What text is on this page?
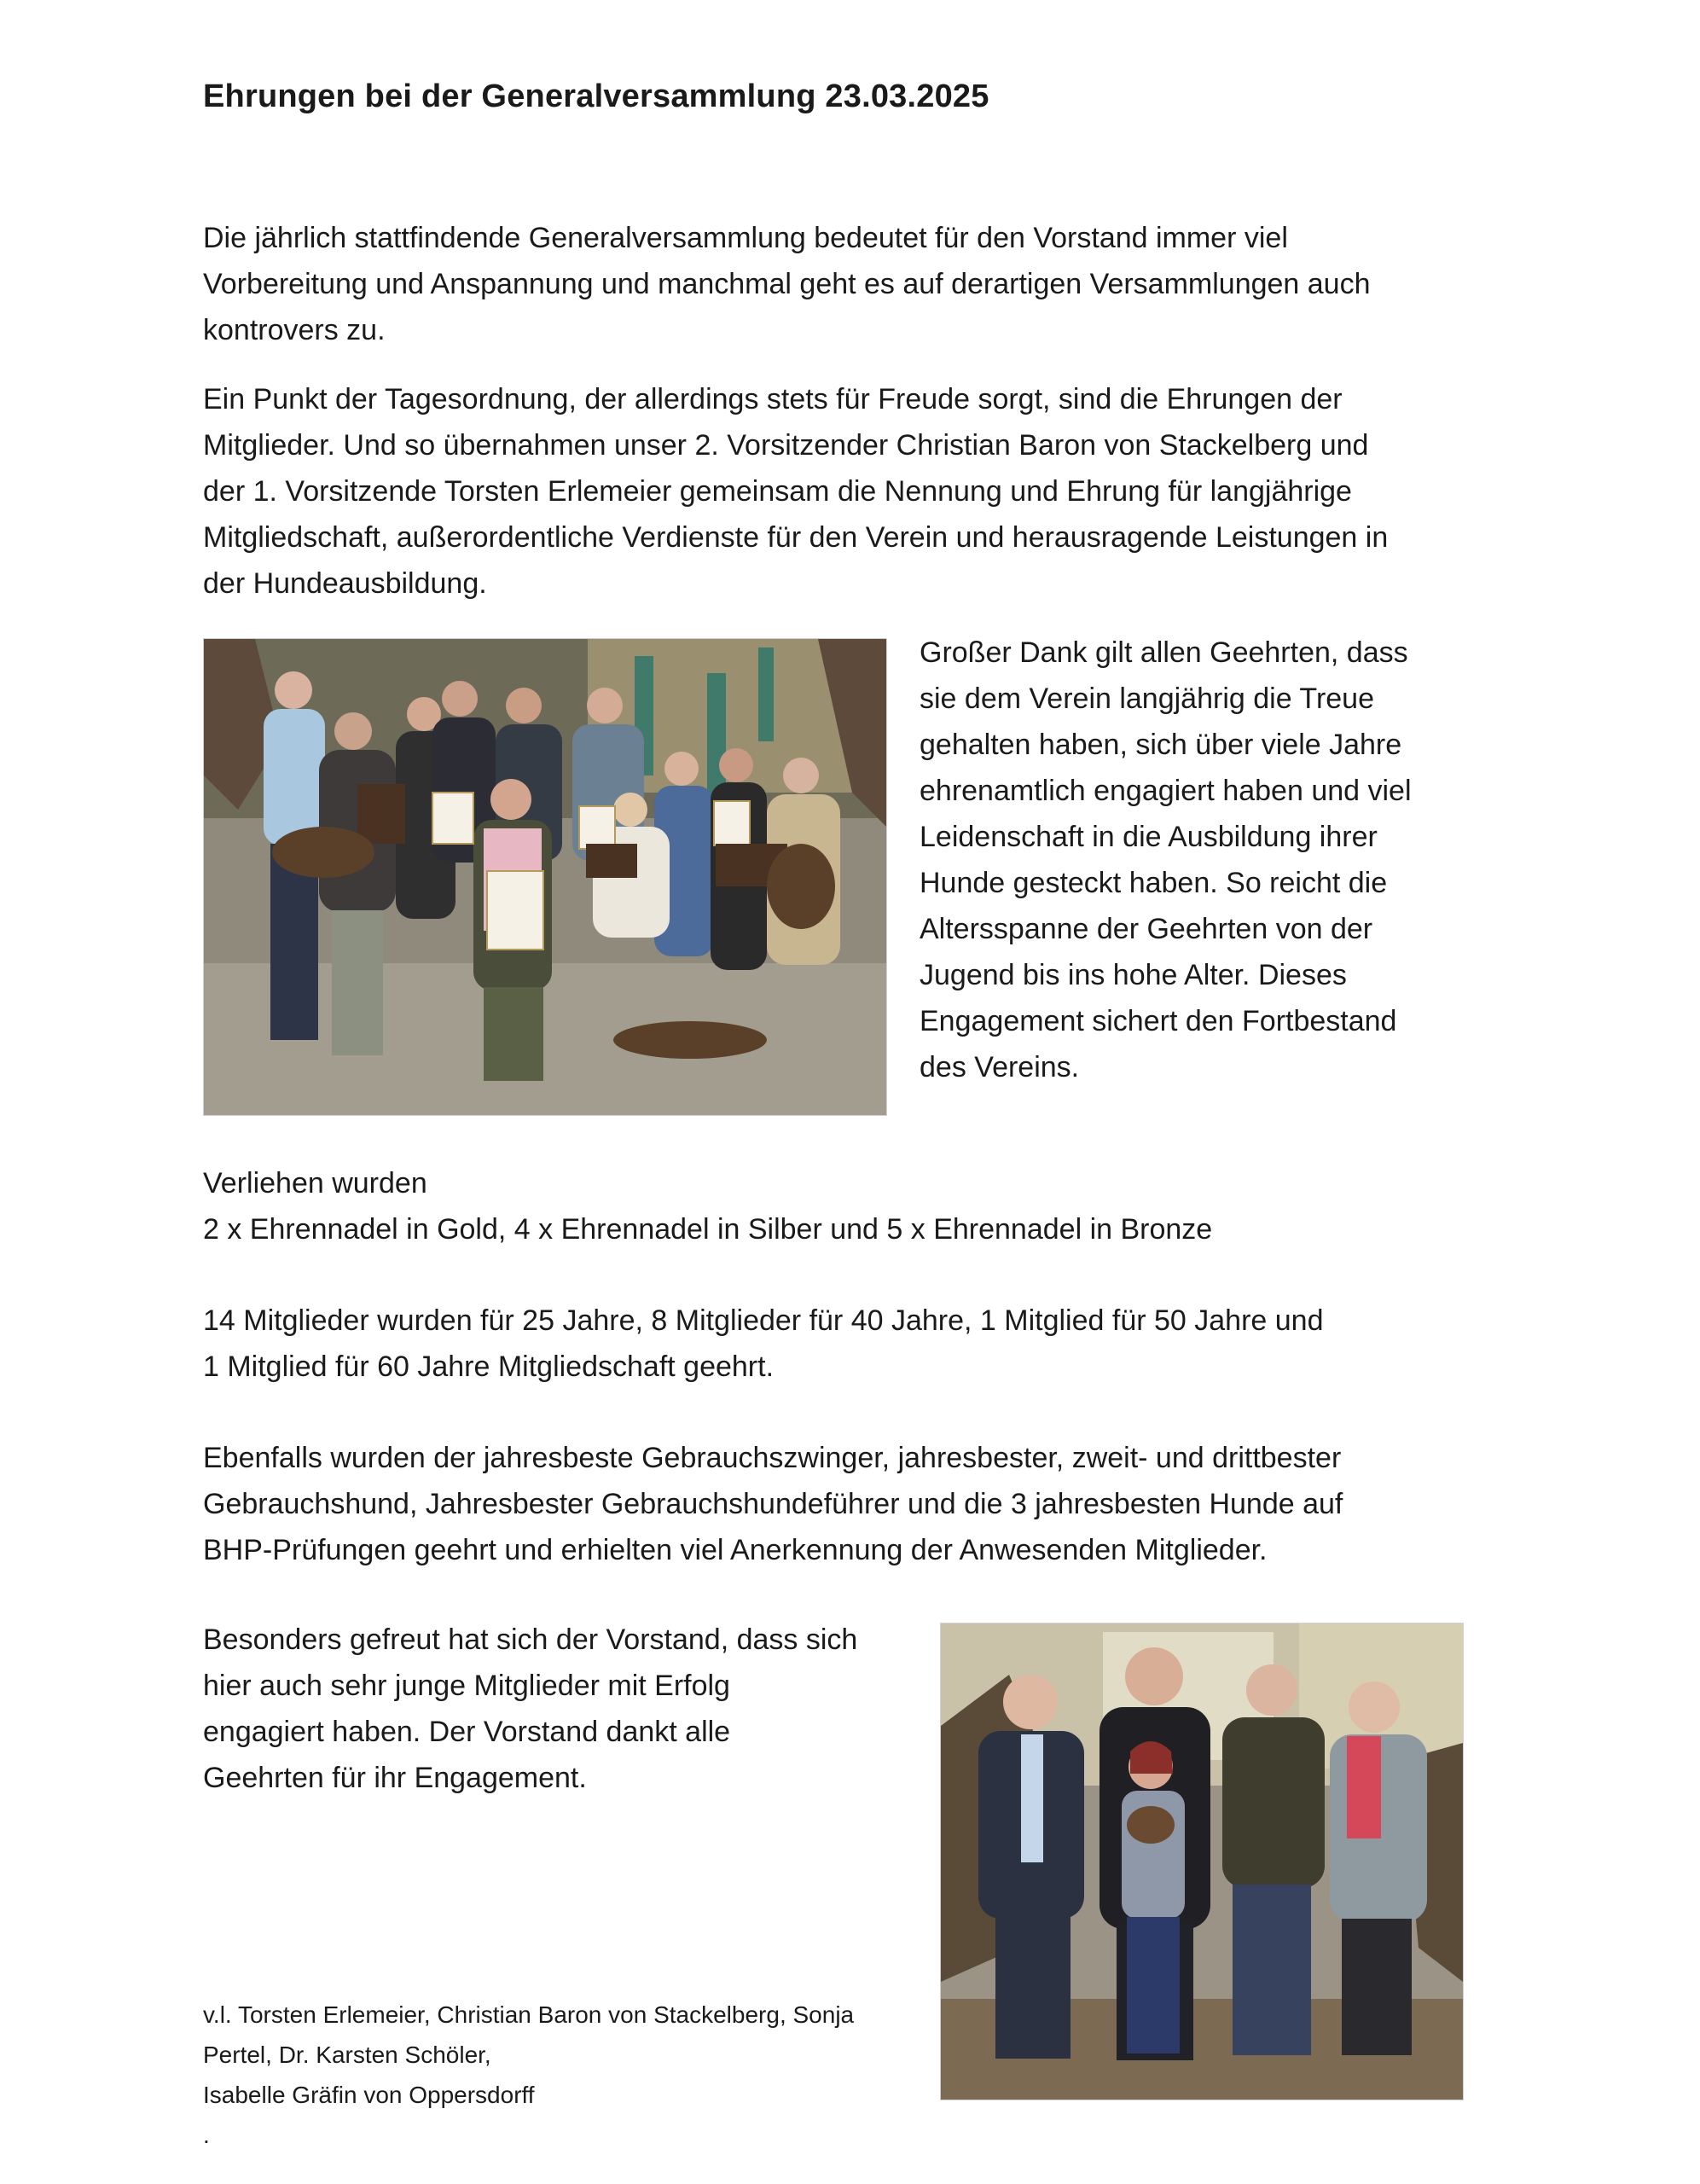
Ehrungen bei der Generalversammlung 23.03.2025

Die jährlich stattfindende Generalversammlung bedeutet für den Vorstand immer viel
Vorbereitung und Anspannung und manchmal geht es auf derartigen Versammlungen auch
kontrovers zu.

Ein Punkt der Tagesordnung, der allerdings stets für Freude sorgt, sind die Ehrungen der
Mitglieder. Und so übernahmen unser 2. Vorsitzender Christian Baron von Stackelberg und
der 1. Vorsitzende Torsten Erlemeier gemeinsam die Nennung und Ehrung für langjährige
Mitgliedschaft, außerordentliche Verdienste für den Verein und herausragende Leistungen in
der Hundeausbildung.

Großer Dank gilt allen Geehrten, dass
sie dem Verein langjährig die Treue
gehalten haben, sich über viele Jahre
ehrenamtlich engagiert haben und viel
Leidenschaft in die Ausbildung ihrer
Hunde gesteckt haben. So reicht die
Altersspanne der Geehrten von der
Jugend bis ins hohe Alter. Dieses
Engagement sichert den Fortbestand
des Vereins.

Verliehen wurden
2 x Ehrennadel in Gold, 4 x Ehrennadel in Silber und 5 x Ehrennadel in Bronze

14 Mitglieder wurden für 25 Jahre, 8 Mitglieder für 40 Jahre, 1 Mitglied für 50 Jahre und
1 Mitglied für 60 Jahre Mitgliedschaft geehrt.

Ebenfalls wurden der jahresbeste Gebrauchszwinger, jahresbester, zweit- und drittbester
Gebrauchshund, Jahresbester Gebrauchshundeführer und die 3 jahresbesten Hunde auf
BHP-Prüfungen geehrt und erhielten viel Anerkennung der Anwesenden Mitglieder.

Besonders gefreut hat sich der Vorstand, dass sich
hier auch sehr junge Mitglieder mit Erfolg
engagiert haben. Der Vorstand dankt alle
Geehrten für ihr Engagement.

v.l. Torsten Erlemeier, Christian Baron von Stackelberg, Sonja
Pertel, Dr. Karsten Schöler,
Isabelle Gräfin von Oppersdorff
.
